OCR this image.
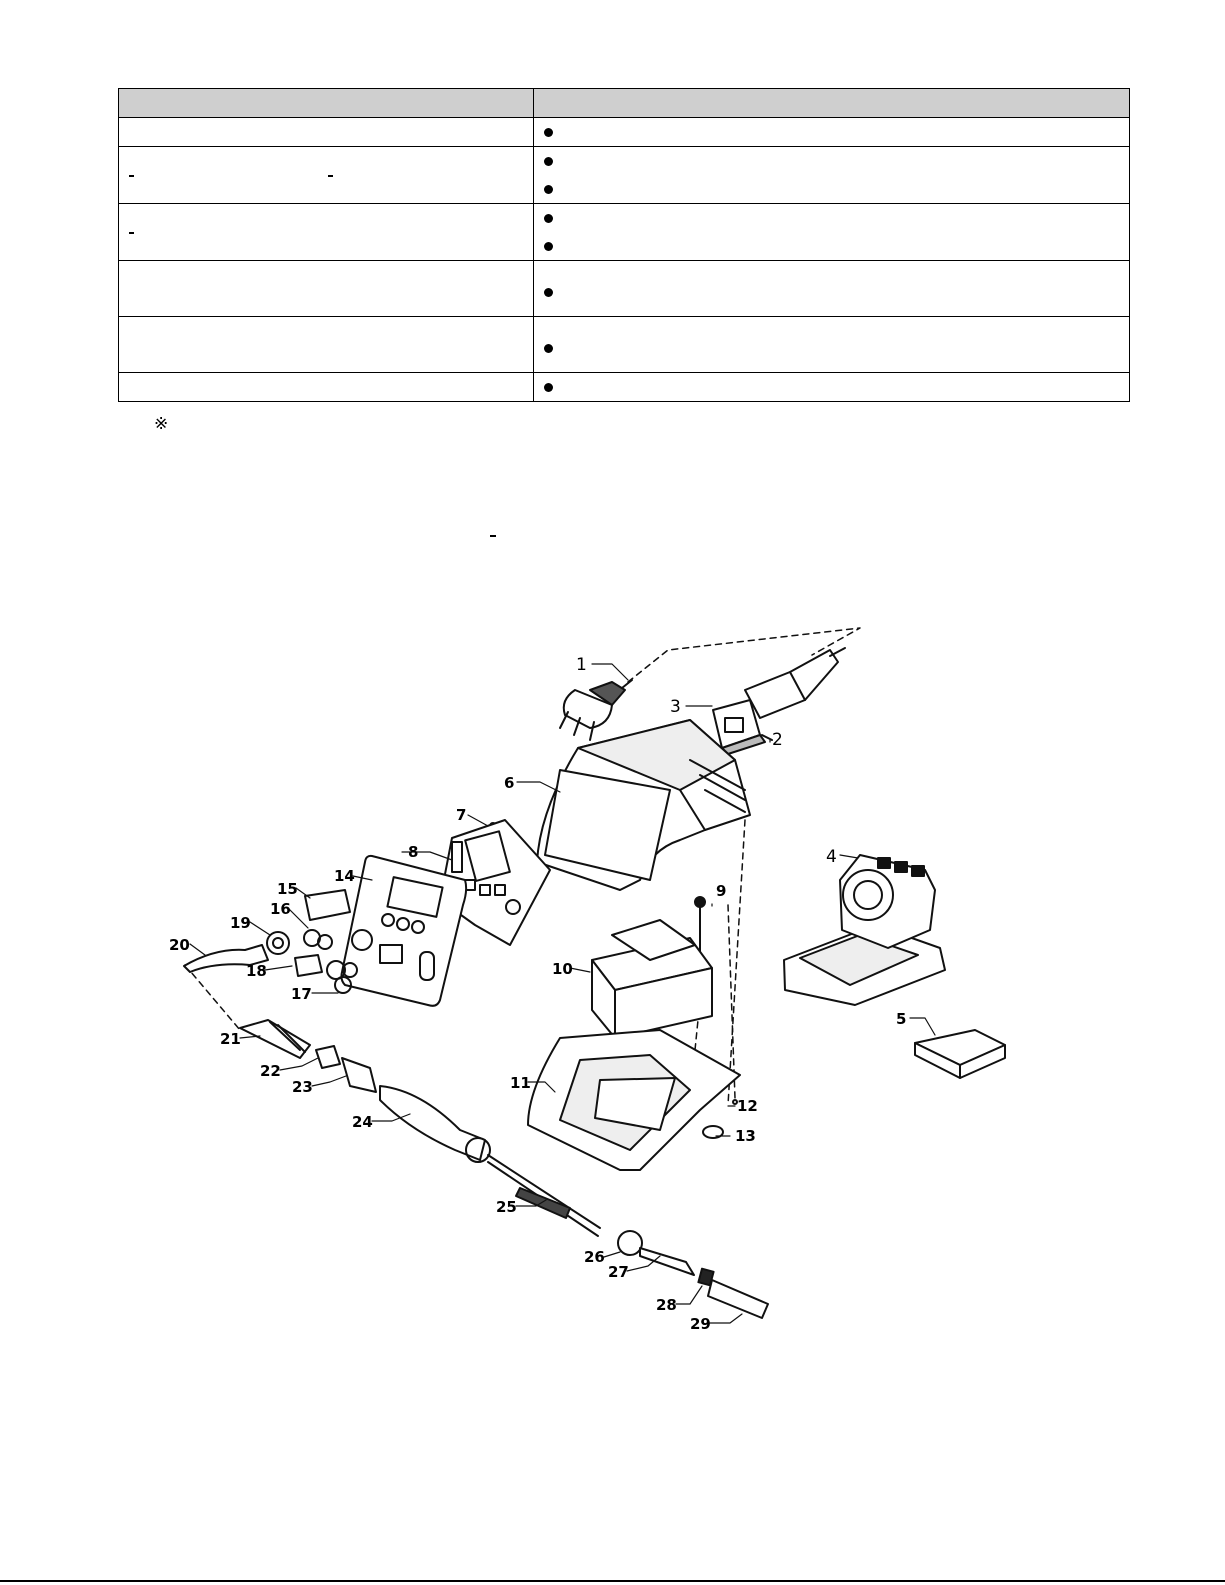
※
1
2
3
4
5
6
7
8
9
10
11
12
13
14
15
16
17
18
19
20
21
22
23
24
25
26
27
28
29
